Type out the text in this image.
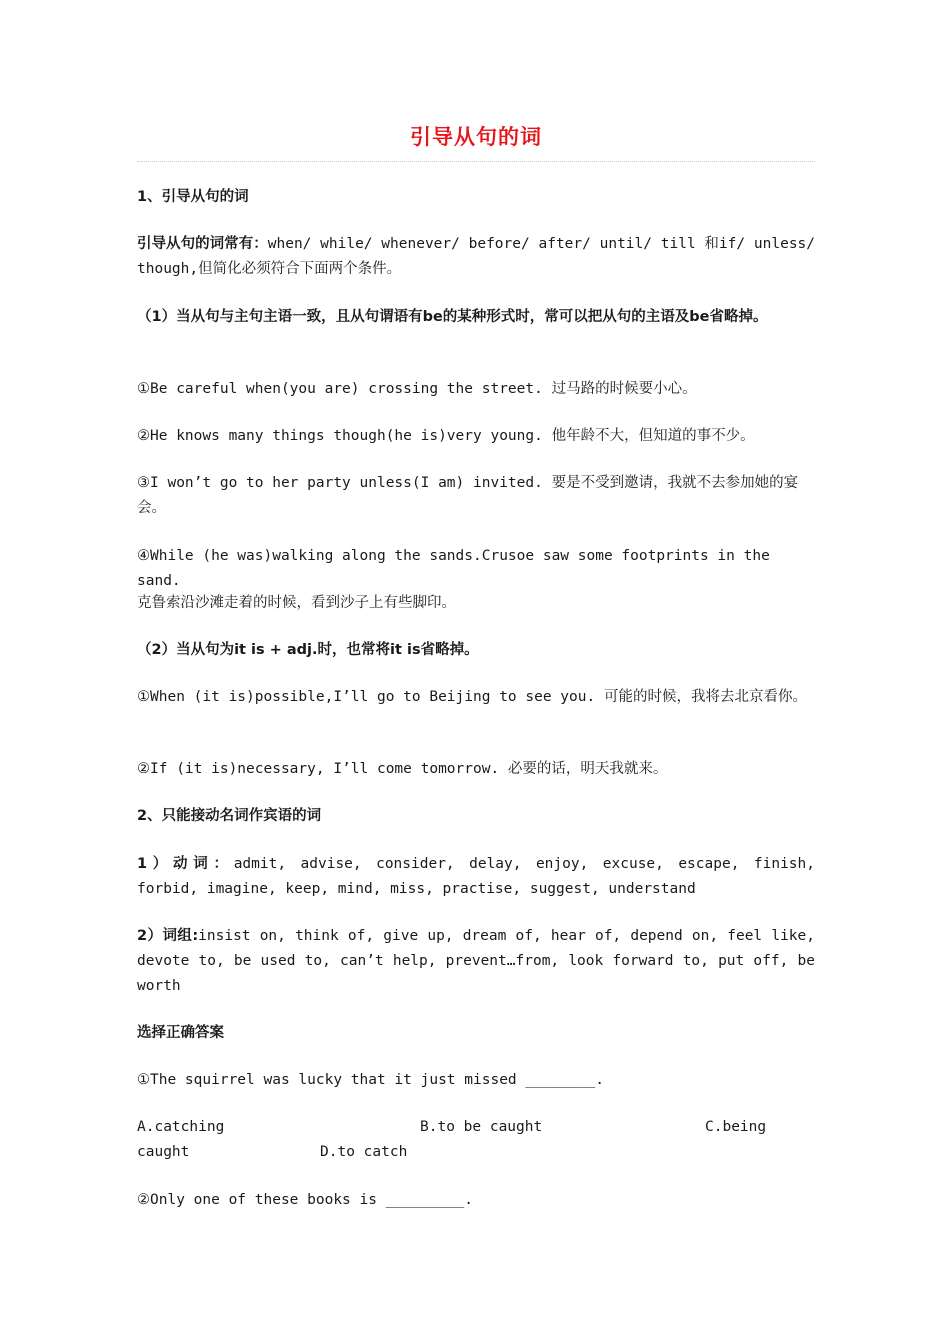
引导从句的词
1、引导从句的词
引导从句的词常有：when/ while/ whenever/ before/ after/ until/ till 和if/ unless/ though,但简化必须符合下面两个条件。
（1）当从句与主句主语一致，且从句谓语有be的某种形式时，常可以把从句的主语及be省略掉。
①Be careful when(you are) crossing the street. 过马路的时候要小心。
②He knows many things though(he is)very young. 他年龄不大，但知道的事不少。
③I won’t go to her party unless(I am) invited. 要是不受到邀请，我就不去参加她的宴会。
④While (he was)walking along the sands.Crusoe saw some footprints in the sand.
克鲁索沿沙滩走着的时候，看到沙子上有些脚印。
（2）当从句为it is + adj.时，也常将it is省略掉。
①When (it is)possible,I’ll go to Beijing to see you. 可能的时候，我将去北京看你。
②If (it is)necessary, I’ll come tomorrow. 必要的话，明天我就来。
2、只能接动名词作宾语的词
1）动词：admit, advise, consider, delay, enjoy, excuse, escape, finish, forbid, imagine, keep, mind, miss, practise, suggest, understand
2）词组:insist on, think of, give up, dream of, hear of, depend on, feel like, devote to, be used to, can’t help, prevent…from, look forward to, put off, be worth
选择正确答案
①The squirrel was lucky that it just missed ________.
A.catching	B.to be caught	C.being
caught	D.to catch
②Only one of these books is _________.
